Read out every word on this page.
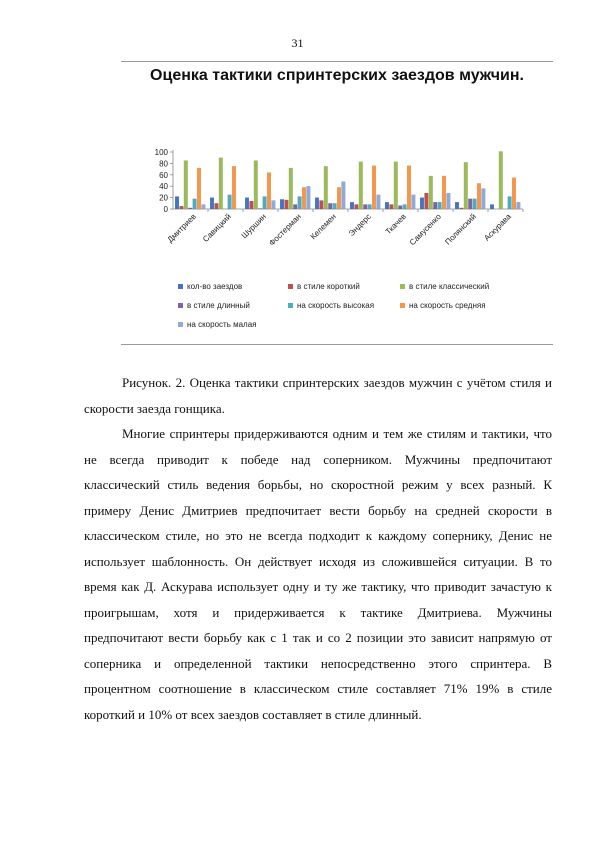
31
Оценка тактики спринтерских заездов мужчин.
0
20
40
60
80
100
Дмитриев Савицкий Шуршин Фостерман Келемен Эндерс Ткачев Самусенко Полянский Аскурава
кол-во заездов	в стиле короткий	в стиле классический
в стиле длинный	на скорость высокая	на скорость средняя
на скорость малая
Рисунок. 2. Оценка тактики спринтерских заездов мужчин с учётом стиля и скорости заезда гонщика.
Многие спринтеры придерживаются одним и тем же стилям и тактики, что не всегда приводит к победе над соперником. Мужчины предпочитают классический стиль ведения борьбы, но скоростной режим у всех разный. К примеру Денис Дмитриев предпочитает вести борьбу на средней скорости в классическом стиле, но это не всегда подходит к каждому сопернику, Денис не использует шаблонность. Он действует исходя из сложившейся ситуации. В то время как Д. Аскурава использует одну и ту же тактику, что приводит зачастую к проигрышам, хотя и придерживается к тактике Дмитриева. Мужчины предпочитают вести борьбу как с 1 так и со 2 позиции это зависит напрямую от соперника и определенной тактики непосредственно этого спринтера. В процентном соотношение в классическом стиле составляет 71% 19% в стиле короткий и 10% от всех заездов составляет в стиле длинный.
